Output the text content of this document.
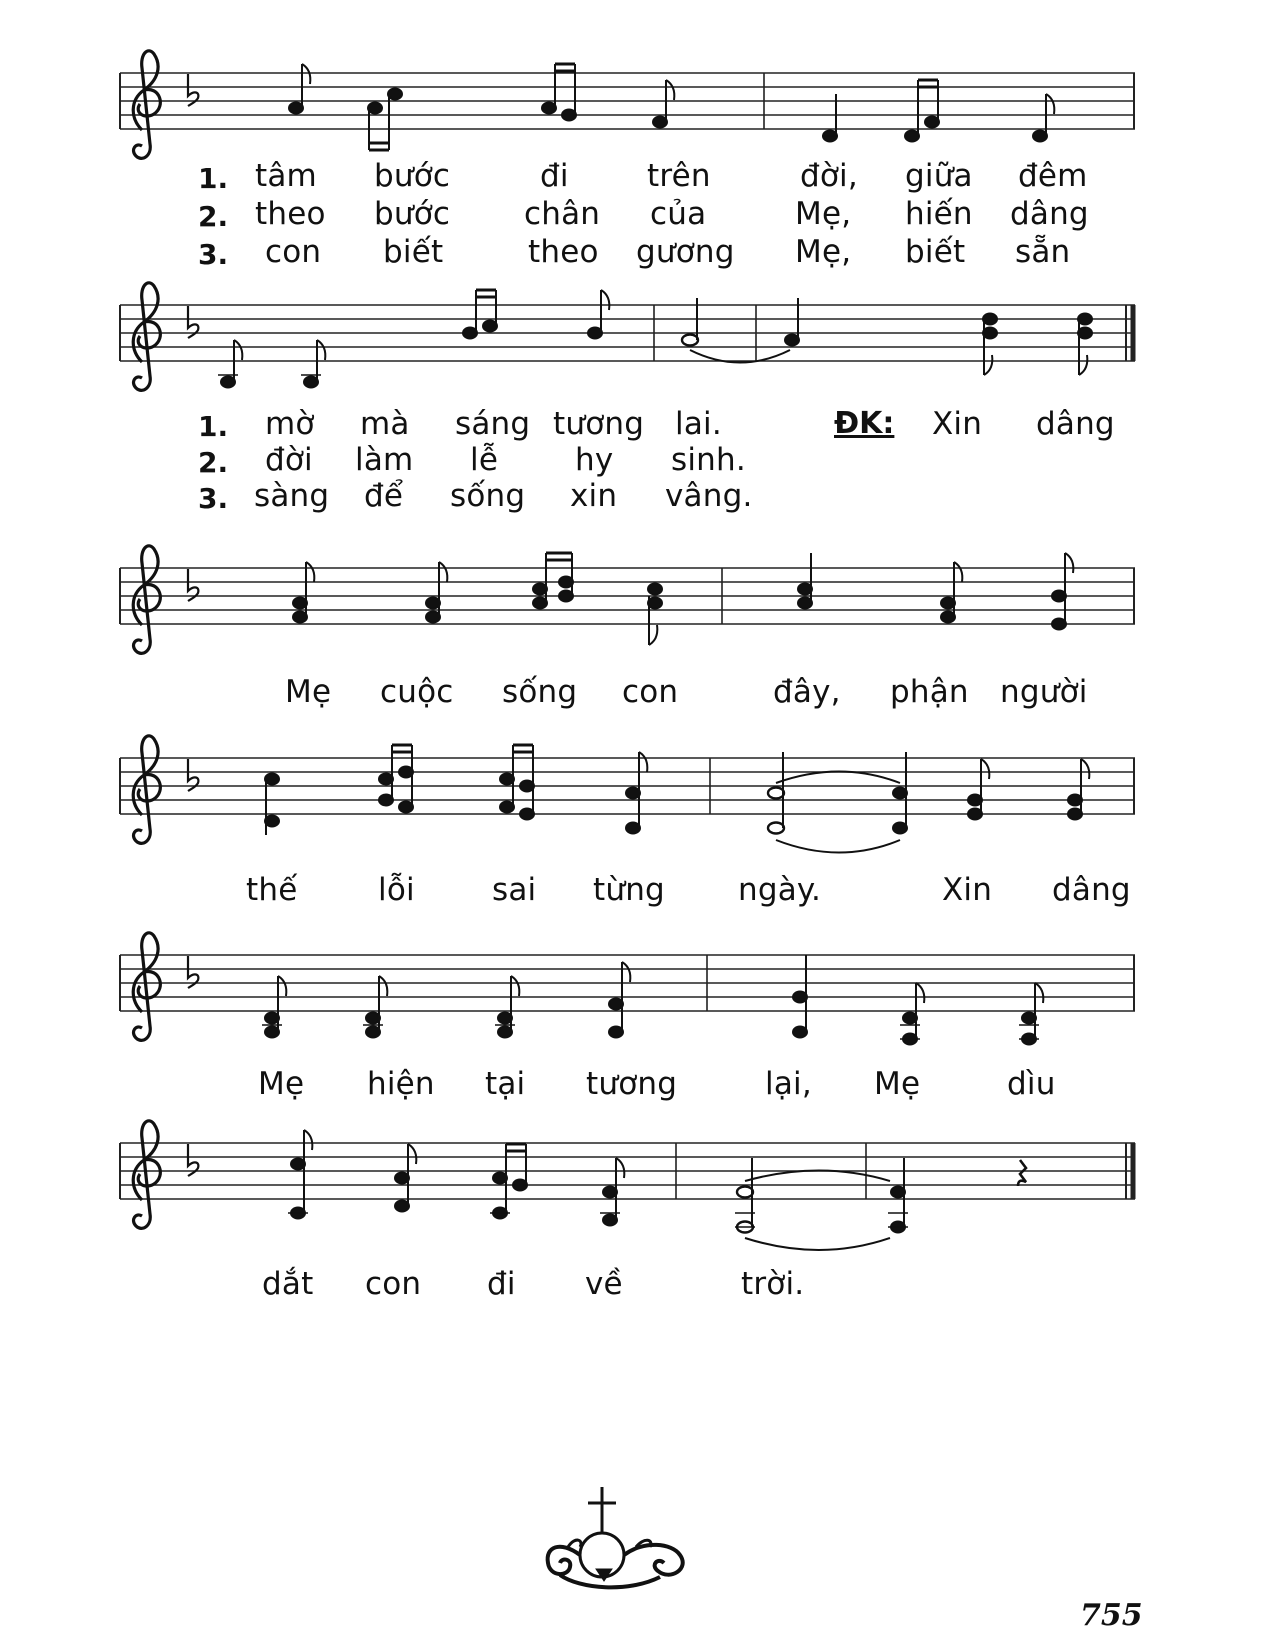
1. tâm bước	đi	trên	đời, giữa đêm
2. theo bước chân của	Mẹ, hiến dâng
3. con biết	theo gương Mẹ, biết sẵn
1. mờ mà sáng tương lai.	ĐK: Xin dâng
2. đời làm lễ hy sinh.
3. sàng để sống xin vâng.
Mẹ cuộc sống con	đây, phận người
thế	lỗi sai từng ngày.	Xin dâng
Mẹ hiện tại tương	lại, Mẹ	dìu
dắt con đi về	trời.
755
